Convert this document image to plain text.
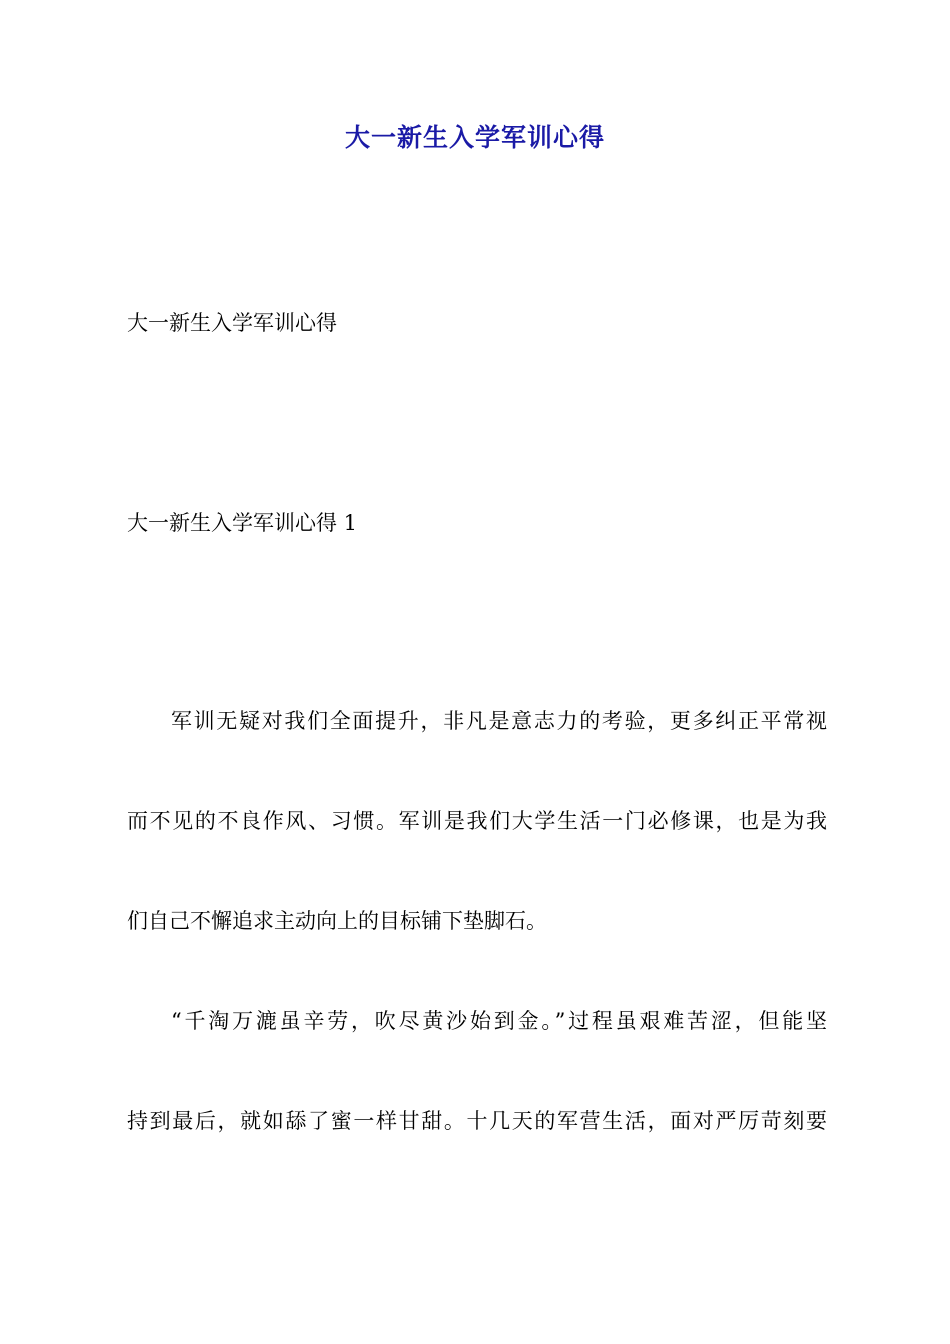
大一新生入学军训心得

大一新生入学军训心得

大一新生入学军训心得 1

军训无疑对我们全面提升，非凡是意志力的考验，更多纠正平常视

而不见的不良作风、习惯。军训是我们大学生活一门必修课，也是为我

们自己不懈追求主动向上的目标铺下垫脚石。

“千淘万漉虽辛劳，吹尽黄沙始到金。”过程虽艰难苦涩，但能坚

持到最后，就如舔了蜜一样甘甜。十几天的军营生活，面对严厉苛刻要
